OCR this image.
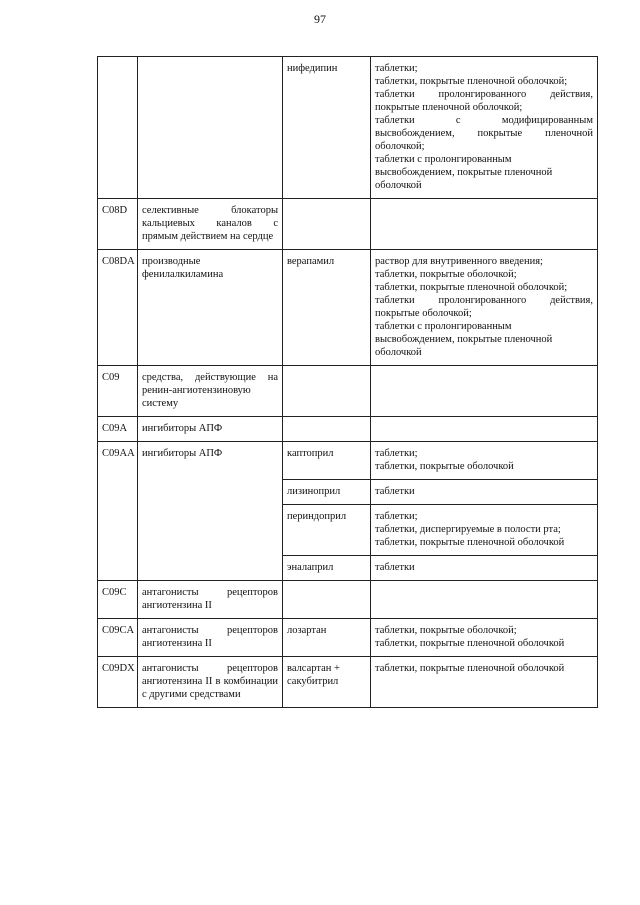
97
		нифедипин	таблетки;
таблетки, покрытые пленочной оболочкой;
таблетки пролонгированного действия, покрытые пленочной оболочкой;
таблетки с модифицированным высвобождением, покрытые пленочной оболочкой;
таблетки с пролонгированным высвобождением, покрытые пленочной оболочкой

C08D	селективные блокаторы кальциевых каналов с прямым действием на сердце		
C08DA	производные фенилалкиламина	верапамил	раствор для внутривенного введения;
таблетки, покрытые оболочкой;
таблетки, покрытые пленочной оболочкой;
таблетки пролонгированного действия, покрытые оболочкой;
таблетки с пролонгированным высвобождением, покрытые пленочной оболочкой

C09	средства, действующие на ренин-ангиотензиновую систему		
C09A	ингибиторы АПФ		
C09AA	ингибиторы АПФ	каптоприл	таблетки;
таблетки, покрытые оболочкой

		лизиноприл	таблетки

		периндоприл	таблетки;
таблетки, диспергируемые в полости рта;
таблетки, покрытые пленочной оболочкой

		эналаприл	таблетки

C09C	антагонисты рецепторов ангиотензина II		
C09CA	антагонисты рецепторов ангиотензина II	лозартан	таблетки, покрытые оболочкой;
таблетки, покрытые пленочной оболочкой

C09DX	антагонисты рецепторов ангиотензина II в комбинации с другими средствами	валсартан + сакубитрил	таблетки, покрытые пленочной оболочкой
